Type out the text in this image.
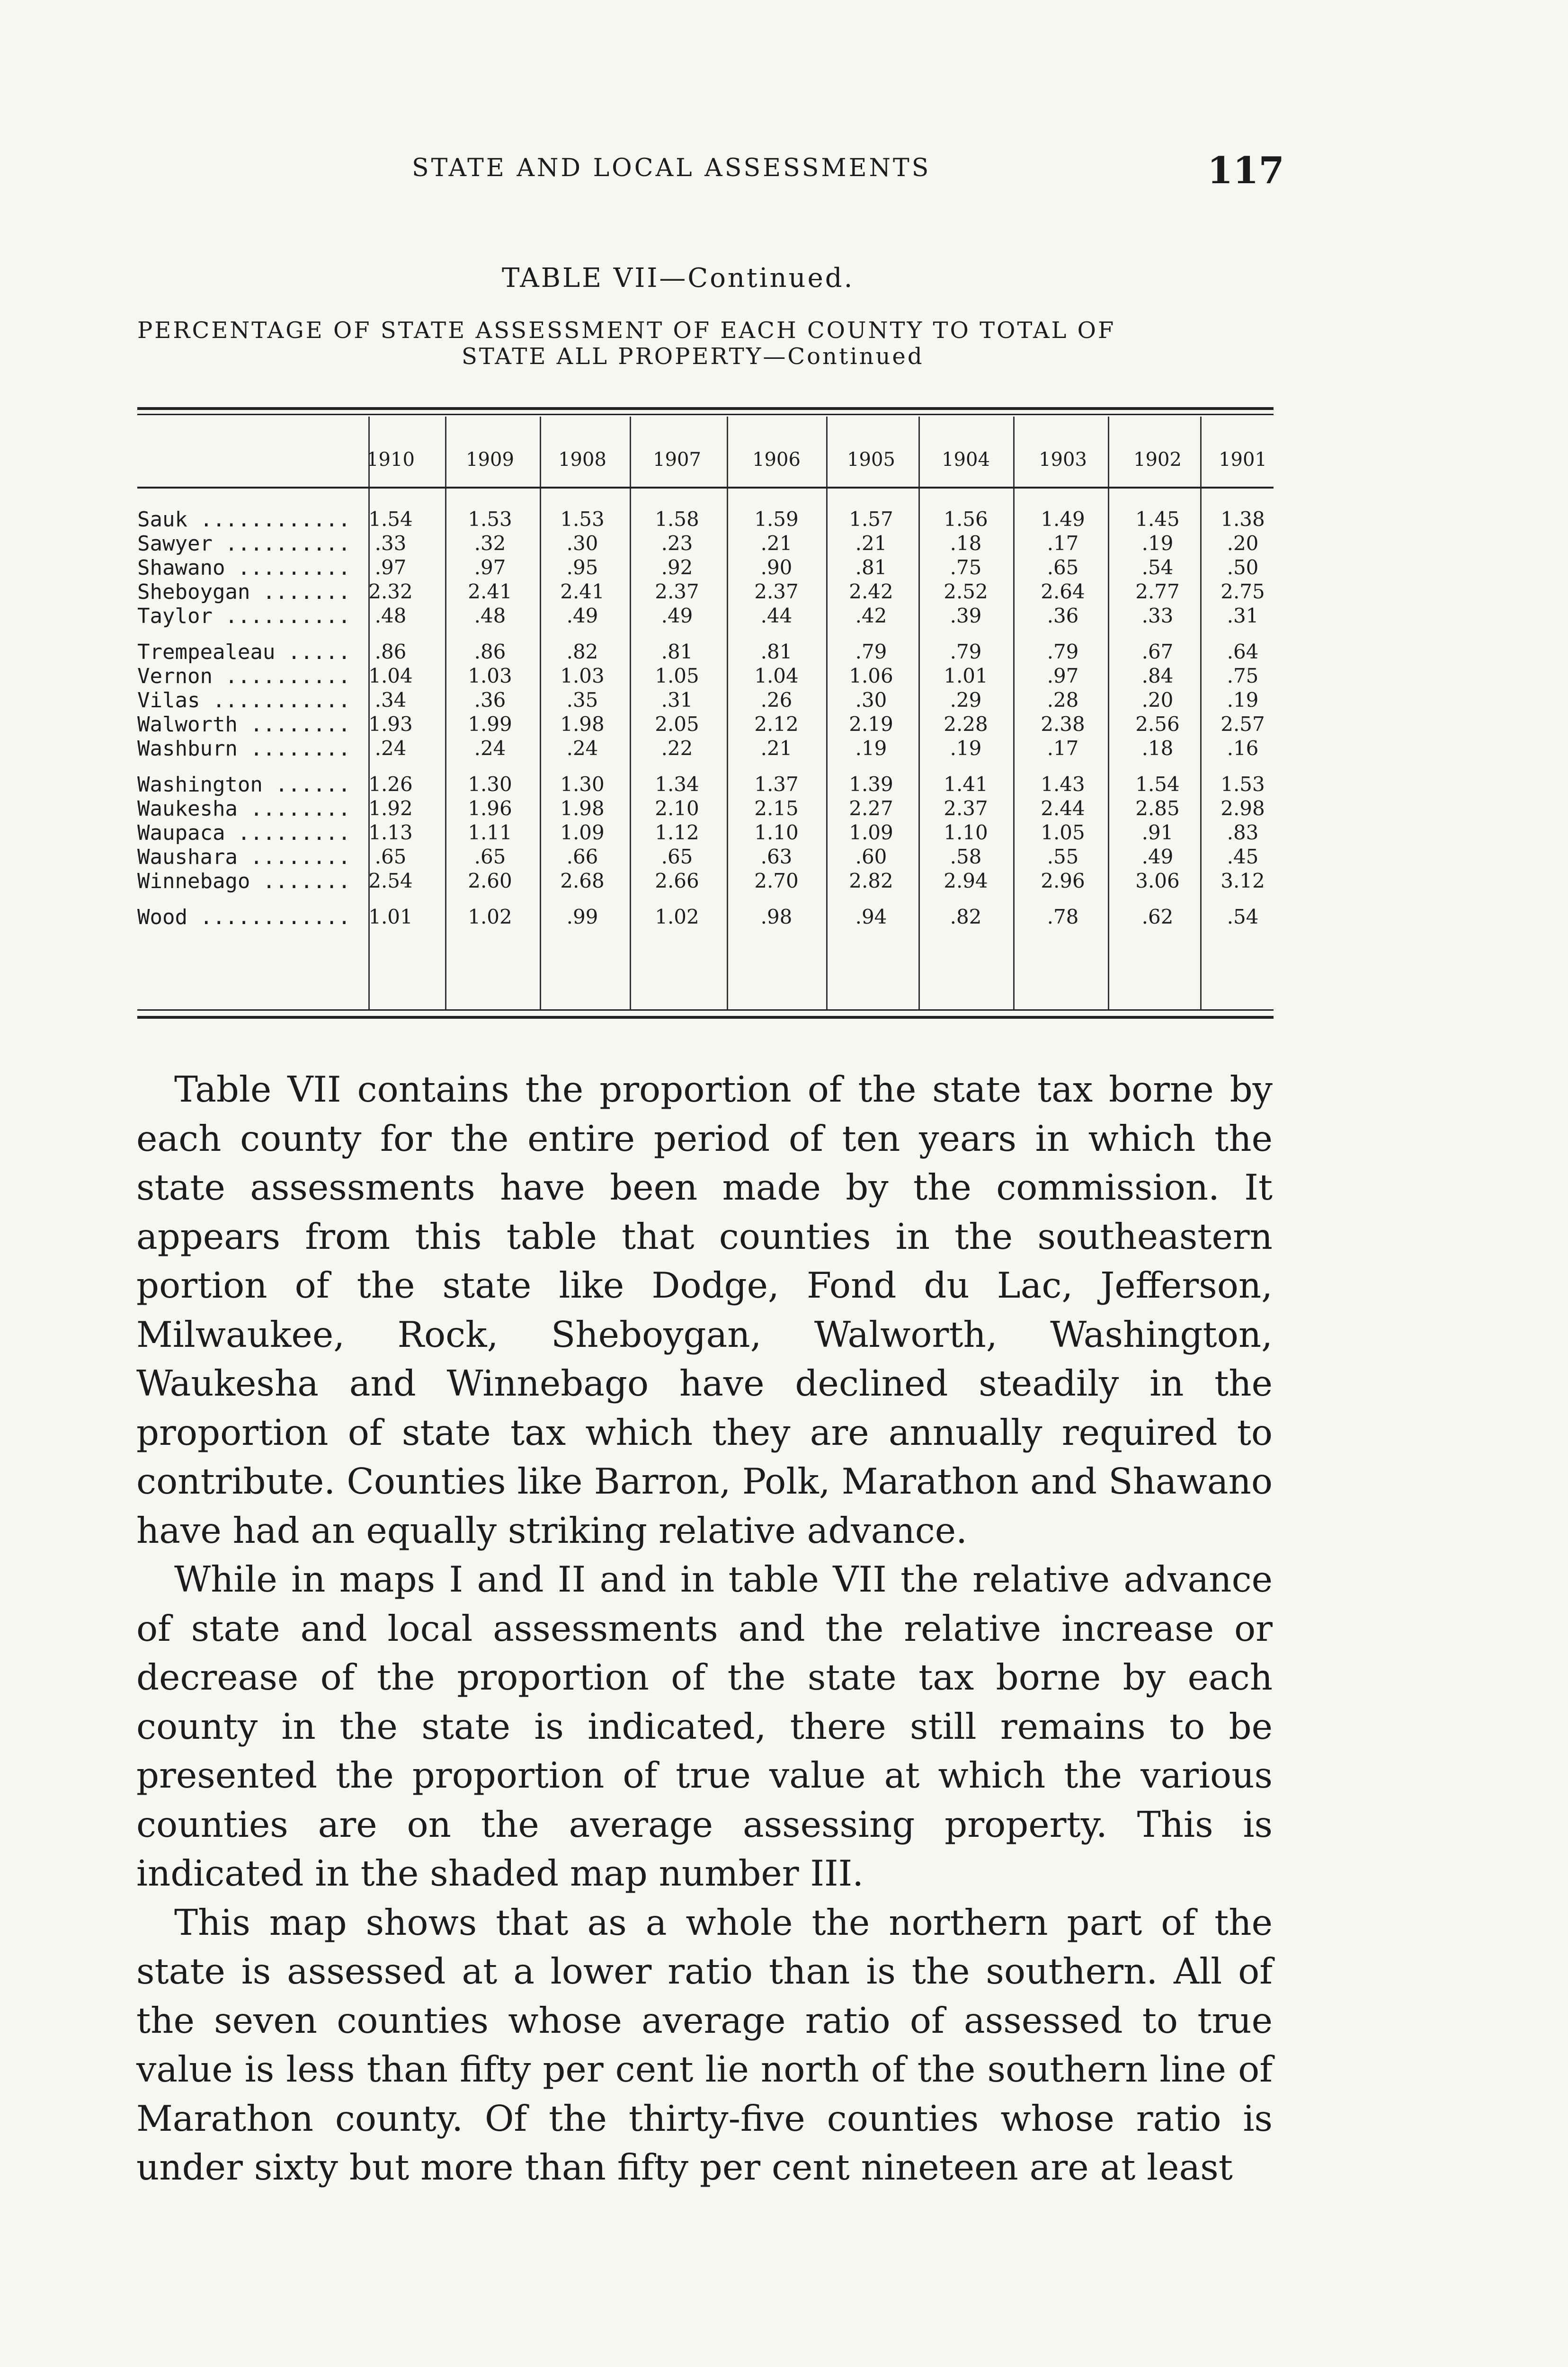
STATE AND LOCAL ASSESSMENTS	117
TABLE VII—Continued.
PERCENTAGE OF STATE ASSESSMENT OF EACH COUNTY TO TOTAL OF
STATE ALL PROPERTY—Continued
1910	1909	1908	1907	1906	1905	1904	1903	1902	1901
Sauk ............ 1.54	1.53	1.53	1.58	1.59	1.57	1.56	1.49	1.45	1.38
Sawyer ..........	.33	.32	.30	.23	.21	.21	.18	.17	.19	.20
Shawano .........	.97	.97	.95	.92	.90	.81	.75	.65	.54	.50
Sheboygan ....... 2.32	2.41	2.41	2.37	2.37	2.42	2.52	2.64	2.77	2.75
Taylor ..........	.48	.48	.49	.49	.44	.42	.39	.36	.33	.31
Trempealeau .....	.86	.86	.82	.81	.81	.79	.79	.79	.67	.64
Vernon .......... 1.04	1.03	1.03	1.05	1.04	1.06	1.01	.97	.84	.75
Vilas ...........	.34	.36	.35	.31	.26	.30	.29	.28	.20	.19
Walworth ........ 1.93	1.99	1.98	2.05	2.12	2.19	2.28	2.38	2.56	2.57
Washburn ........	.24	.24	.24	.22	.21	.19	.19	.17	.18	.16
Washington ...... 1.26	1.30	1.30	1.34	1.37	1.39	1.41	1.43	1.54	1.53
Waukesha ........ 1.92	1.96	1.98	2.10	2.15	2.27	2.37	2.44	2.85	2.98
Waupaca ......... 1.13	1.11	1.09	1.12	1.10	1.09	1.10	1.05	.91	.83
Waushara ........	.65	.65	.66	.65	.63	.60	.58	.55	.49	.45
Winnebago ....... 2.54	2.60	2.68	2.66	2.70	2.82	2.94	2.96	3.06	3.12
Wood ............ 1.01	1.02	.99	1.02	.98	.94	.82	.78	.62	.54

Table VII contains the proportion of the state tax borne by each county for the entire period of ten years in which the state assessments have been made by the commission. It appears from this table that counties in the southeastern portion of the state like Dodge, Fond du Lac, Jefferson, Milwaukee, Rock, Sheboygan, Walworth, Washington, Waukesha and Winnebago have declined steadily in the proportion of state tax which they are annually required to contribute. Counties like Barron, Polk, Marathon and Shawano have had an equally striking relative advance.

While in maps I and II and in table VII the relative advance of state and local assessments and the relative increase or decrease of the proportion of the state tax borne by each county in the state is indicated, there still remains to be presented the proportion of true value at which the various counties are on the average assessing property. This is indicated in the shaded map number III.

This map shows that as a whole the northern part of the state is assessed at a lower ratio than is the southern. All of the seven counties whose average ratio of assessed to true value is less than fifty per cent lie north of the southern line of Marathon county. Of the thirty-five counties whose ratio is under sixty but more than fifty per cent nineteen are at least
